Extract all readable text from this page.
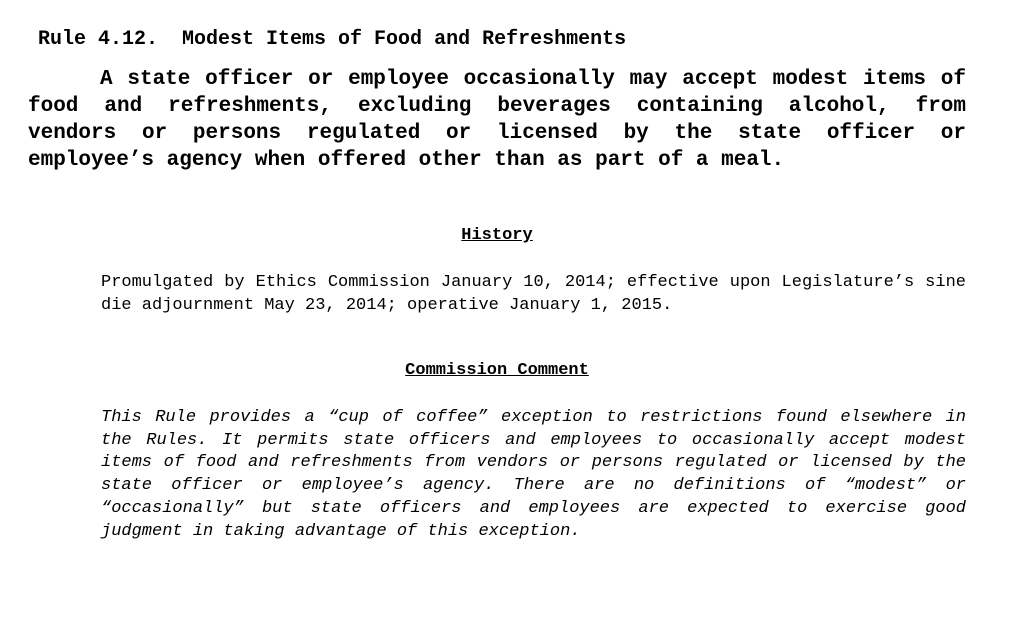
Rule 4.12.  Modest Items of Food and Refreshments

A state officer or employee occasionally may accept modest items of food and refreshments, excluding beverages containing alcohol, from vendors or persons regulated or licensed by the state officer or employee’s agency when offered other than as part of a meal.

History

Promulgated by Ethics Commission January 10, 2014; effective upon Legislature’s sine die adjournment May 23, 2014; operative January 1, 2015.

Commission Comment

This Rule provides a “cup of coffee” exception to restrictions found elsewhere in the Rules. It permits state officers and employees to occasionally accept modest items of food and refreshments from vendors or persons regulated or licensed by the state officer or employee’s agency. There are no definitions of “modest” or “occasionally” but state officers and employees are expected to exercise good judgment in taking advantage of this exception.
